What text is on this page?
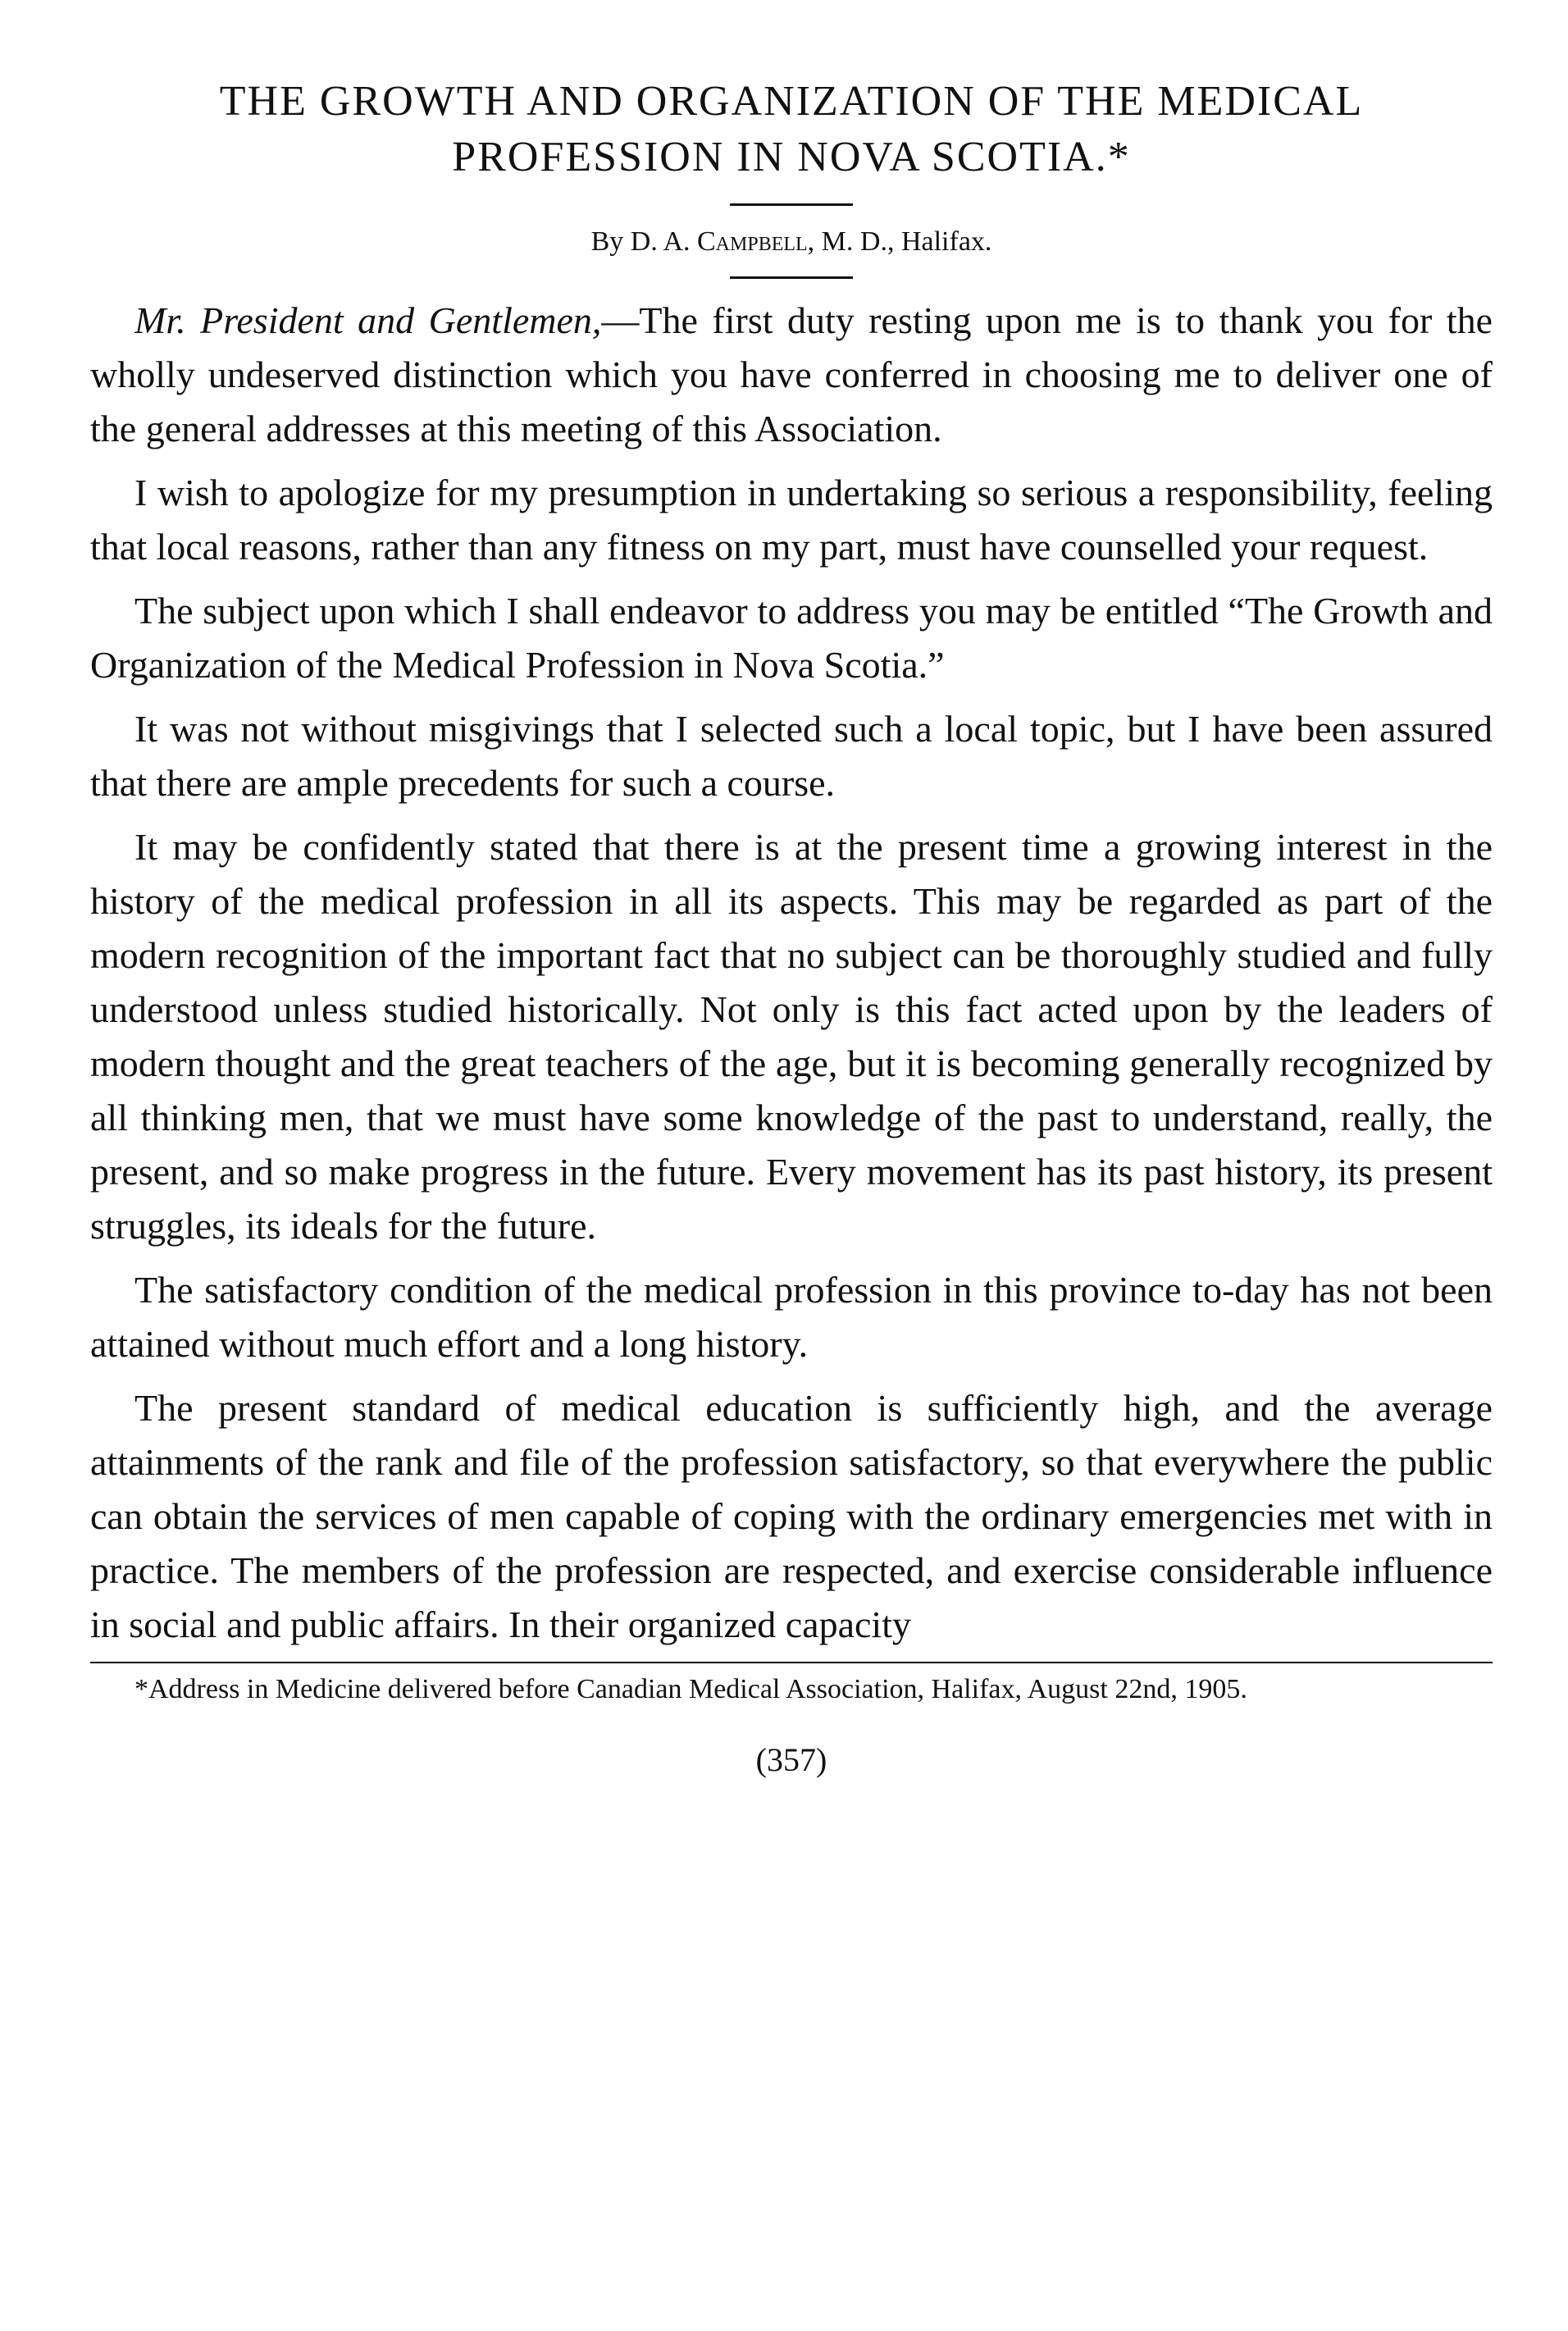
THE GROWTH AND ORGANIZATION OF THE MEDICAL
PROFESSION IN NOVA SCOTIA.*
By D. A. Campbell, M. D., Halifax.

Mr. President and Gentlemen,—The first duty resting upon me is to thank you for the wholly undeserved distinction which you have conferred in choosing me to deliver one of the general addresses at this meeting of this Association.

I wish to apologize for my presumption in undertaking so serious a responsibility, feeling that local reasons, rather than any fitness on my part, must have counselled your request.

The subject upon which I shall endeavor to address you may be entitled “The Growth and Organization of the Medical Profession in Nova Scotia.”

It was not without misgivings that I selected such a local topic, but I have been assured that there are ample precedents for such a course.

It may be confidently stated that there is at the present time a growing interest in the history of the medical profession in all its aspects. This may be regarded as part of the modern recognition of the important fact that no subject can be thoroughly studied and fully understood unless studied historically. Not only is this fact acted upon by the leaders of modern thought and the great teachers of the age, but it is becoming generally recognized by all thinking men, that we must have some knowledge of the past to understand, really, the present, and so make progress in the future. Every movement has its past history, its present struggles, its ideals for the future.

The satisfactory condition of the medical profession in this province to-day has not been attained without much effort and a long history.

The present standard of medical education is sufficiently high, and the average attainments of the rank and file of the profession satisfactory, so that everywhere the public can obtain the services of men capable of coping with the ordinary emergencies met with in practice. The members of the profession are respected, and exercise considerable influence in social and public affairs. In their organized capacity

*Address in Medicine delivered before Canadian Medical Association, Halifax, August 22nd, 1905.
(357)
